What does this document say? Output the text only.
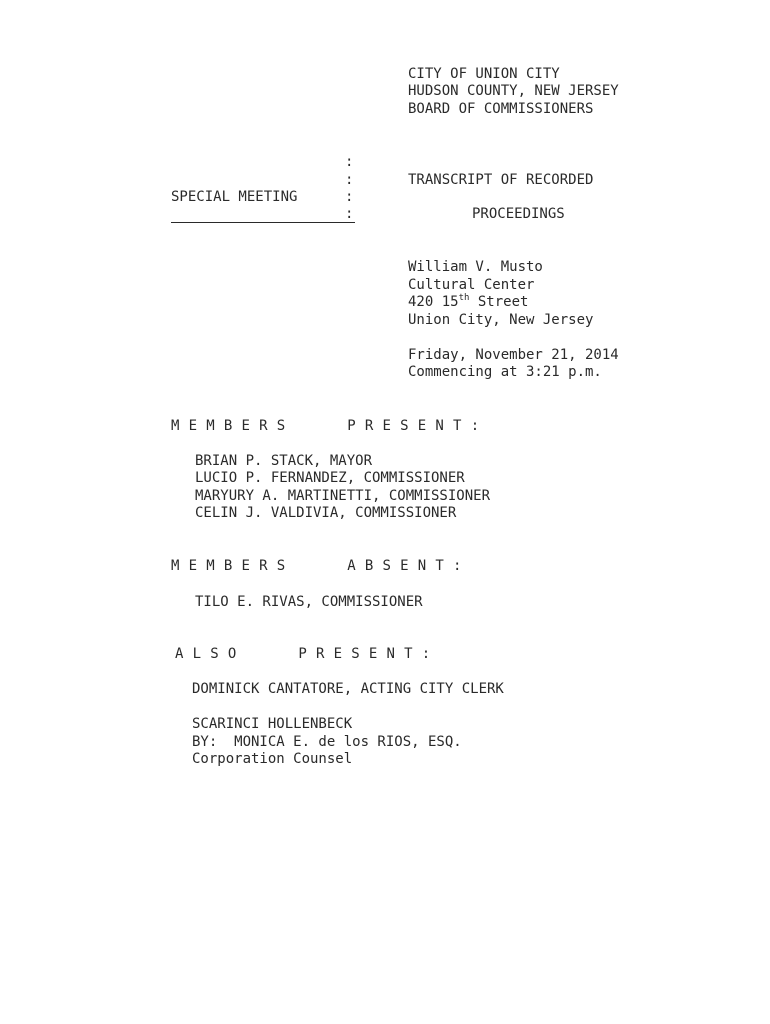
CITY OF UNION CITY
HUDSON COUNTY, NEW JERSEY
BOARD OF COMMISSIONERS
:
:
SPECIAL MEETING	:
:
TRANSCRIPT OF RECORDED
PROCEEDINGS
William V. Musto
Cultural Center
420 15th Street
Union City, New Jersey
Friday, November 21, 2014
Commencing at 3:21 p.m.
MEMBERS   PRESENT:
BRIAN P. STACK, MAYOR
LUCIO P. FERNANDEZ, COMMISSIONER
MARYURY A. MARTINETTI, COMMISSIONER
CELIN J. VALDIVIA, COMMISSIONER
MEMBERS   ABSENT:
TILO E. RIVAS, COMMISSIONER
ALSO   PRESENT:
DOMINICK CANTATORE, ACTING CITY CLERK
SCARINCI HOLLENBECK
BY:  MONICA E. de los RIOS, ESQ.
Corporation Counsel
